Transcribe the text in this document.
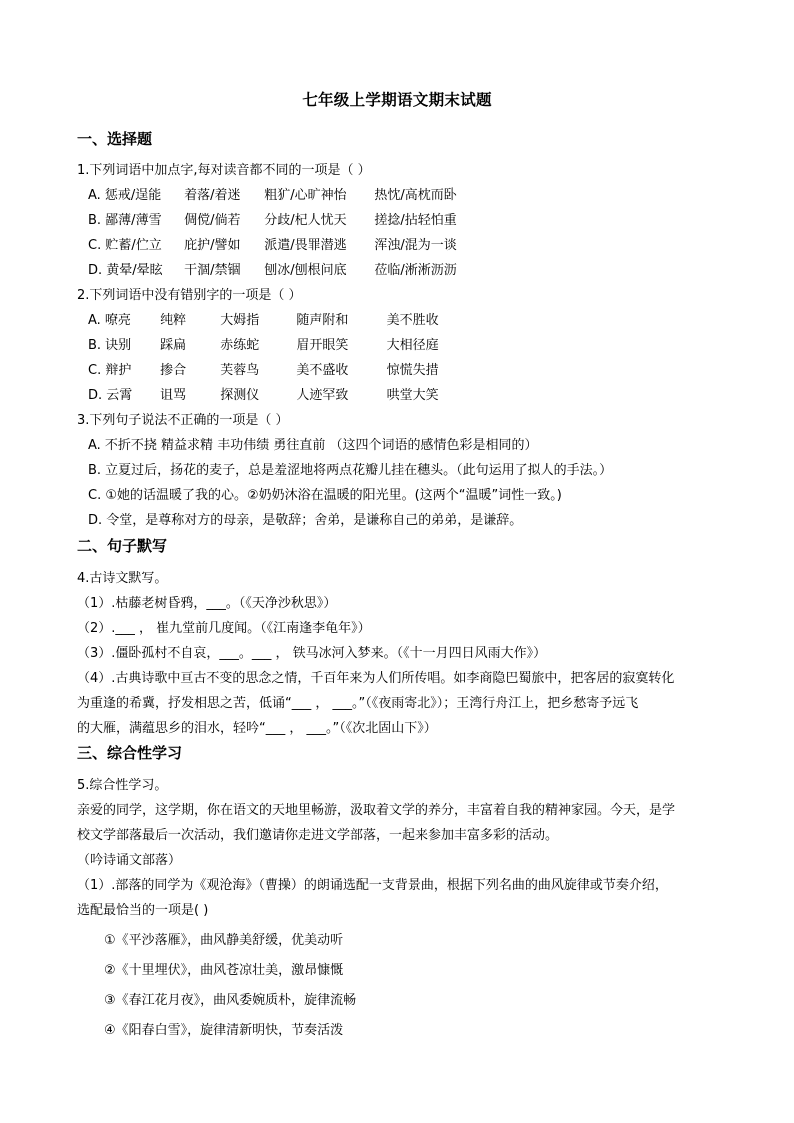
七年级上学期语文期末试题
一、选择题
1.下列词语中加点字,每对读音都不同的一项是（ ）
A. 惩戒/逞能 着落/着迷 粗犷/心旷神怡 热忱/高枕而卧
B. 鄙薄/薄雪 倜傥/倘若 分歧/杞人忧天 搓捻/拈轻怕重
C. 贮蓄/伫立 庇护/譬如 派遣/畏罪潜逃 浑浊/混为一谈
D. 黄晕/晕眩 干涸/禁锢 刨冰/刨根问底 莅临/淅淅沥沥
2.下列词语中没有错别字的一项是（ ）
A. 嘹亮 纯粹	大姆指	随声附和	美不胜收
B. 诀别 踩扁	赤练蛇	眉开眼笑	大相径庭
C. 辩护 掺合	芙蓉鸟	美不盛收	惊慌失措
D. 云霄 诅骂	探测仪	人迹罕致	哄堂大笑
3.下列句子说法不正确的一项是（ ）
A. 不折不挠 精益求精 丰功伟绩 勇往直前 （这四个词语的感情色彩是相同的）
B. 立夏过后，扬花的麦子，总是羞涩地将两点花瓣儿挂在穗头。（此句运用了拟人的手法。）
C. ①她的话温暖了我的心。②奶奶沐浴在温暖的阳光里。(这两个“温暖”词性一致。)
D. 令堂，是尊称对方的母亲，是敬辞；舍弟，是谦称自己的弟弟，是谦辞。
二、句子默写
4.古诗文默写。
（1）.枯藤老树昏鸦，___。（《天净沙秋思》）
（2）.___ ， 崔九堂前几度闻。（《江南逢李龟年》）
（3）.僵卧孤村不自哀，___。___ ， 铁马冰河入梦来。（《十一月四日风雨大作》）
（4）.古典诗歌中亘古不变的思念之情，千百年来为人们所传唱。如李商隐巴蜀旅中，把客居的寂寞转化
为重逢的希冀，抒发相思之苦，低诵“___ ， ___。”（《夜雨寄北》）；王湾行舟江上，把乡愁寄予远飞
的大雁，满蕴思乡的泪水，轻吟“___ ， ___。”（《次北固山下》）
三、综合性学习
5.综合性学习。
亲爱的同学，这学期，你在语文的天地里畅游，汲取着文学的养分，丰富着自我的精神家园。今天，是学
校文学部落最后一次活动，我们邀请你走进文学部落，一起来参加丰富多彩的活动。
（吟诗诵文部落）
（1）.部落的同学为《观沧海》（曹操）的朗诵选配一支背景曲，根据下列名曲的曲风旋律或节奏介绍，
选配最恰当的一项是( )
①《平沙落雁》，曲风静美舒缓，优美动听
②《十里埋伏》，曲风苍凉壮美，激昂慷慨
③《春江花月夜》，曲风委婉质朴，旋律流畅
④《阳春白雪》，旋律清新明快，节奏活泼
